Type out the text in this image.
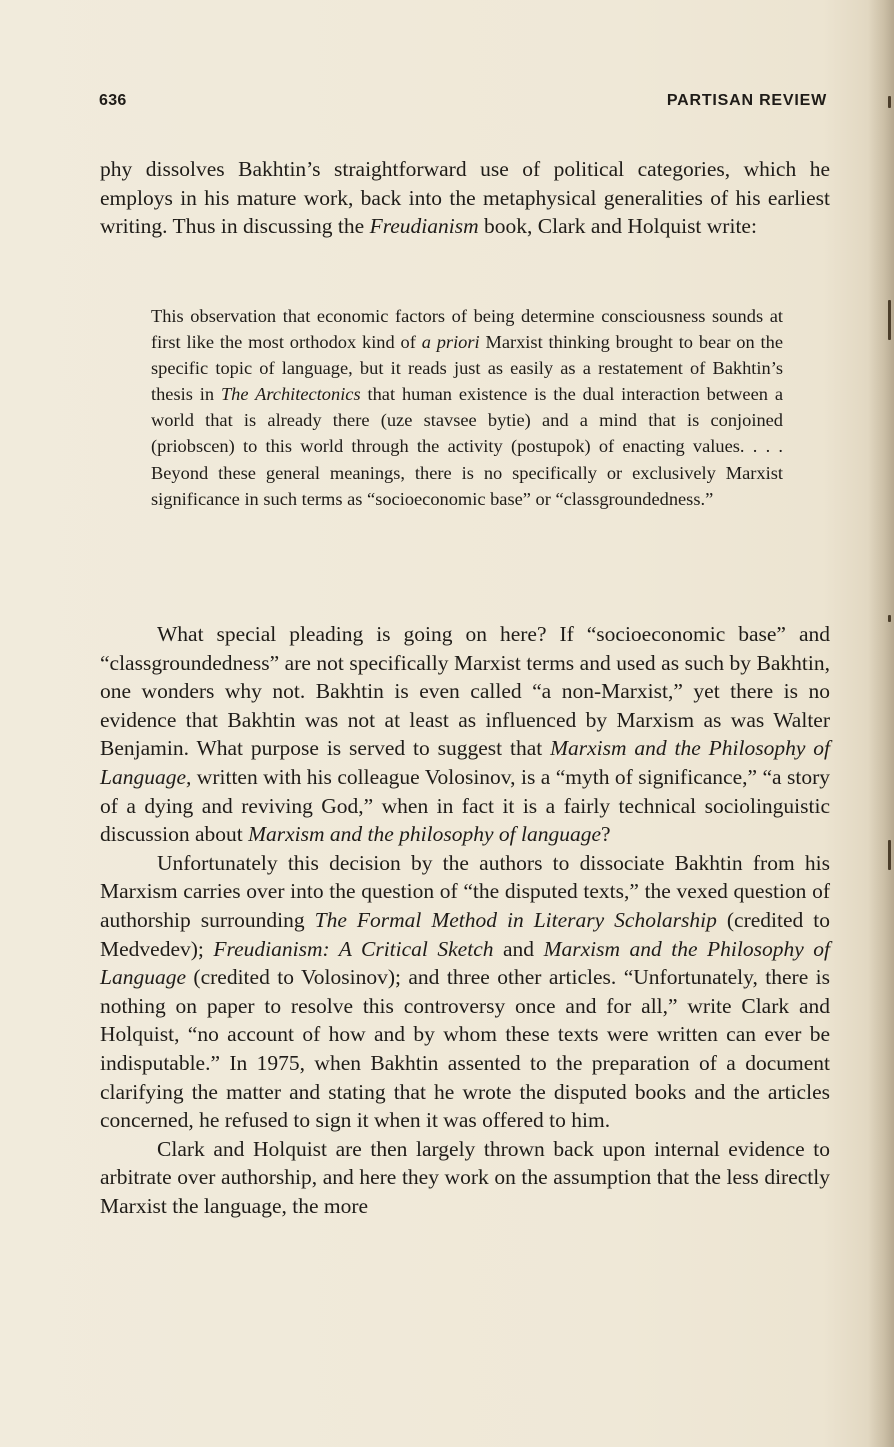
636	PARTISAN REVIEW

phy dissolves Bakhtin’s straightforward use of political categories, which he employs in his mature work, back into the metaphysical generalities of his earliest writing. Thus in discussing the Freudianism book, Clark and Holquist write:

This observation that economic factors of being determine consciousness sounds at first like the most orthodox kind of a priori Marxist thinking brought to bear on the specific topic of language, but it reads just as easily as a restatement of Bakhtin’s thesis in The Architectonics that human existence is the dual interaction between a world that is already there (uze stavsee bytie) and a mind that is conjoined (priobscen) to this world through the activity (postupok) of enacting values. . . . Beyond these general meanings, there is no specifically or exclusively Marxist significance in such terms as “socioeconomic base” or “classgroundedness.”

What special pleading is going on here? If “socioeconomic base” and “classgroundedness” are not specifically Marxist terms and used as such by Bakhtin, one wonders why not. Bakhtin is even called “a non-Marxist,” yet there is no evidence that Bakhtin was not at least as influenced by Marxism as was Walter Benjamin. What purpose is served to suggest that Marxism and the Philosophy of Language, written with his colleague Volosinov, is a “myth of significance,” “a story of a dying and reviving God,” when in fact it is a fairly technical sociolinguistic discussion about Marxism and the philosophy of language?

Unfortunately this decision by the authors to dissociate Bakhtin from his Marxism carries over into the question of “the disputed texts,” the vexed question of authorship surrounding The Formal Method in Literary Scholarship (credited to Medvedev); Freudianism: A Critical Sketch and Marxism and the Philosophy of Language (credited to Volosinov); and three other articles. “Unfortunately, there is nothing on paper to resolve this controversy once and for all,” write Clark and Holquist, “no account of how and by whom these texts were written can ever be indisputable.” In 1975, when Bakhtin assented to the preparation of a document clarifying the matter and stating that he wrote the disputed books and the articles concerned, he refused to sign it when it was offered to him.

Clark and Holquist are then largely thrown back upon internal evidence to arbitrate over authorship, and here they work on the assumption that the less directly Marxist the language, the more
